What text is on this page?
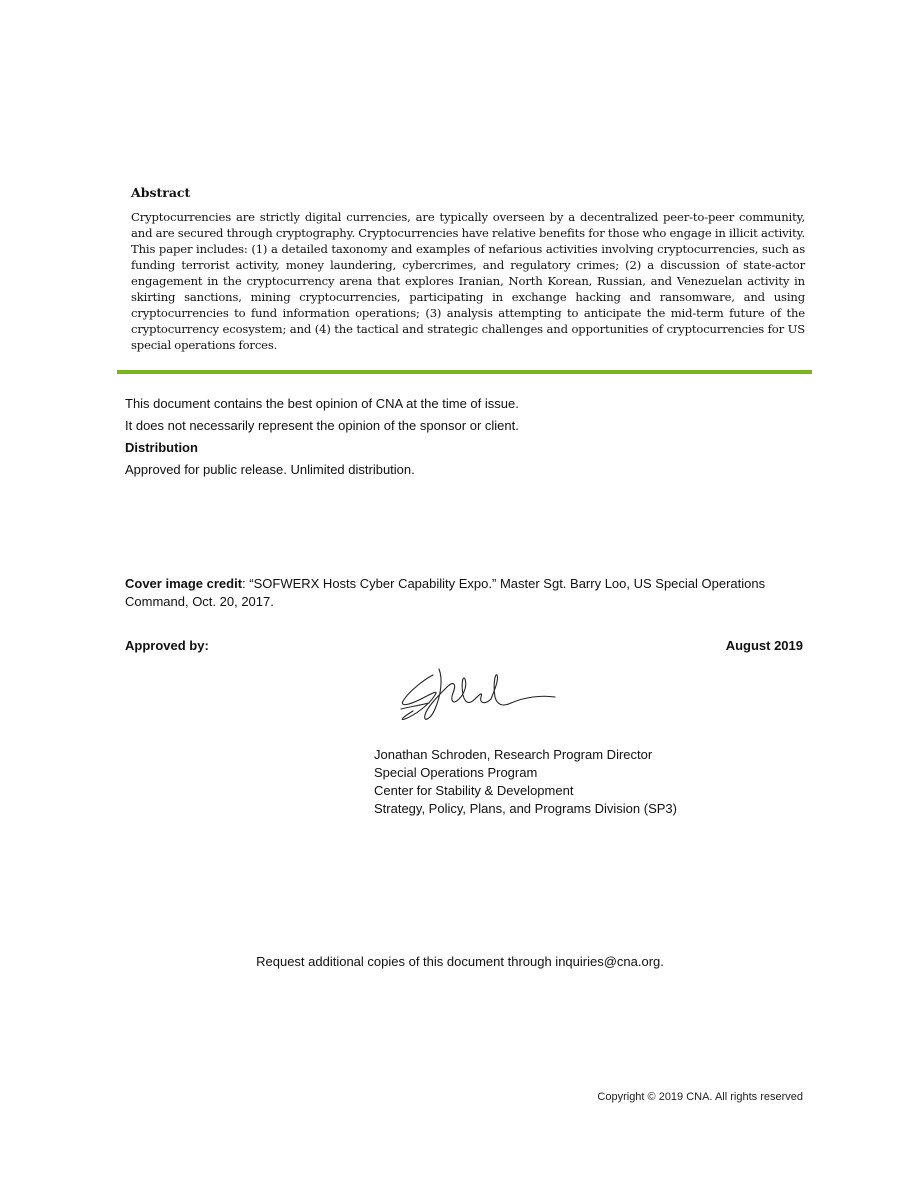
Abstract
Cryptocurrencies are strictly digital currencies, are typically overseen by a decentralized peer-to-peer community, and are secured through cryptography. Cryptocurrencies have relative benefits for those who engage in illicit activity. This paper includes: (1) a detailed taxonomy and examples of nefarious activities involving cryptocurrencies, such as funding terrorist activity, money laundering, cybercrimes, and regulatory crimes; (2) a discussion of state-actor engagement in the cryptocurrency arena that explores Iranian, North Korean, Russian, and Venezuelan activity in skirting sanctions, mining cryptocurrencies, participating in exchange hacking and ransomware, and using cryptocurrencies to fund information operations; (3) analysis attempting to anticipate the mid-term future of the cryptocurrency ecosystem; and (4) the tactical and strategic challenges and opportunities of cryptocurrencies for US special operations forces.
This document contains the best opinion of CNA at the time of issue.
It does not necessarily represent the opinion of the sponsor or client.
Distribution
Approved for public release. Unlimited distribution.
Cover image credit: “SOFWERX Hosts Cyber Capability Expo.” Master Sgt. Barry Loo, US Special Operations Command, Oct. 20, 2017.
Approved by:	August 2019
Jonathan Schroden, Research Program Director
Special Operations Program
Center for Stability & Development
Strategy, Policy, Plans, and Programs Division (SP3)
Request additional copies of this document through inquiries@cna.org.
Copyright © 2019 CNA. All rights reserved
